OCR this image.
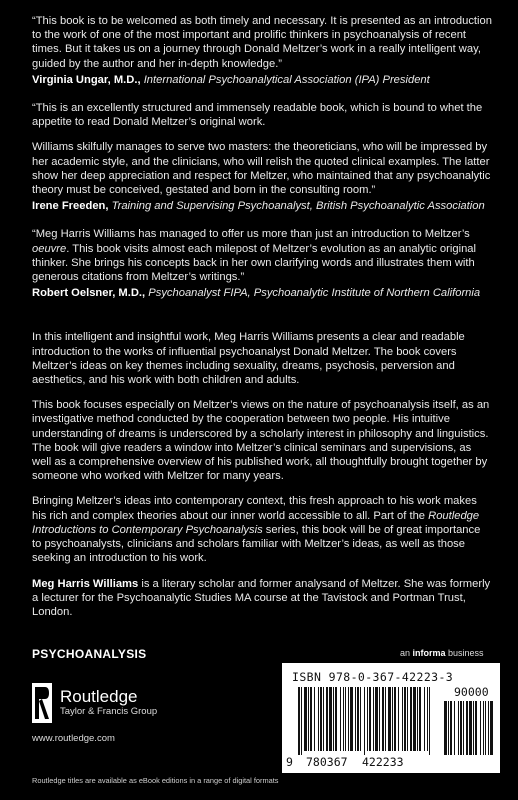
“This book is to be welcomed as both timely and necessary. It is presented as an introduction to the work of one of the most important and prolific thinkers in psychoanalysis of recent times. But it takes us on a journey through Donald Meltzer’s work in a really intelligent way, guided by the author and her in-depth knowledge.”
Virginia Ungar, M.D., International Psychoanalytical Association (IPA) President
“This is an excellently structured and immensely readable book, which is bound to whet the appetite to read Donald Meltzer’s original work.
Williams skilfully manages to serve two masters: the theoreticians, who will be impressed by her academic style, and the clinicians, who will relish the quoted clinical examples. The latter show her deep appreciation and respect for Meltzer, who maintained that any psychoanalytic theory must be conceived, gestated and born in the consulting room.”
Irene Freeden, Training and Supervising Psychoanalyst, British Psychoanalytic Association
“Meg Harris Williams has managed to offer us more than just an introduction to Meltzer’s oeuvre. This book visits almost each milepost of Meltzer’s evolution as an analytic original thinker. She brings his concepts back in her own clarifying words and illustrates them with generous citations from Meltzer’s writings.”
Robert Oelsner, M.D., Psychoanalyst FIPA, Psychoanalytic Institute of Northern California
In this intelligent and insightful work, Meg Harris Williams presents a clear and readable introduction to the works of influential psychoanalyst Donald Meltzer. The book covers Meltzer’s ideas on key themes including sexuality, dreams, psychosis, perversion and aesthetics, and his work with both children and adults.
This book focuses especially on Meltzer’s views on the nature of psychoanalysis itself, as an investigative method conducted by the cooperation between two people. His intuitive understanding of dreams is underscored by a scholarly interest in philosophy and linguistics. The book will give readers a window into Meltzer’s clinical seminars and supervisions, as well as a comprehensive overview of his published work, all thoughtfully brought together by someone who worked with Meltzer for many years.
Bringing Meltzer’s ideas into contemporary context, this fresh approach to his work makes his rich and complex theories about our inner world accessible to all. Part of the Routledge Introductions to Contemporary Psychoanalysis series, this book will be of great importance to psychoanalysts, clinicians and scholars familiar with Meltzer’s ideas, as well as those seeking an introduction to his work.
Meg Harris Williams is a literary scholar and former analysand of Meltzer. She was formerly a lecturer for the Psychoanalytic Studies MA course at the Tavistock and Portman Trust, London.
PSYCHOANALYSIS	an informa business
Routledge
Taylor & Francis Group
www.routledge.com
Routledge titles are available as eBook editions in a range of digital formats
ISBN 978-0-367-42223-3
90000
9 780367 422233
